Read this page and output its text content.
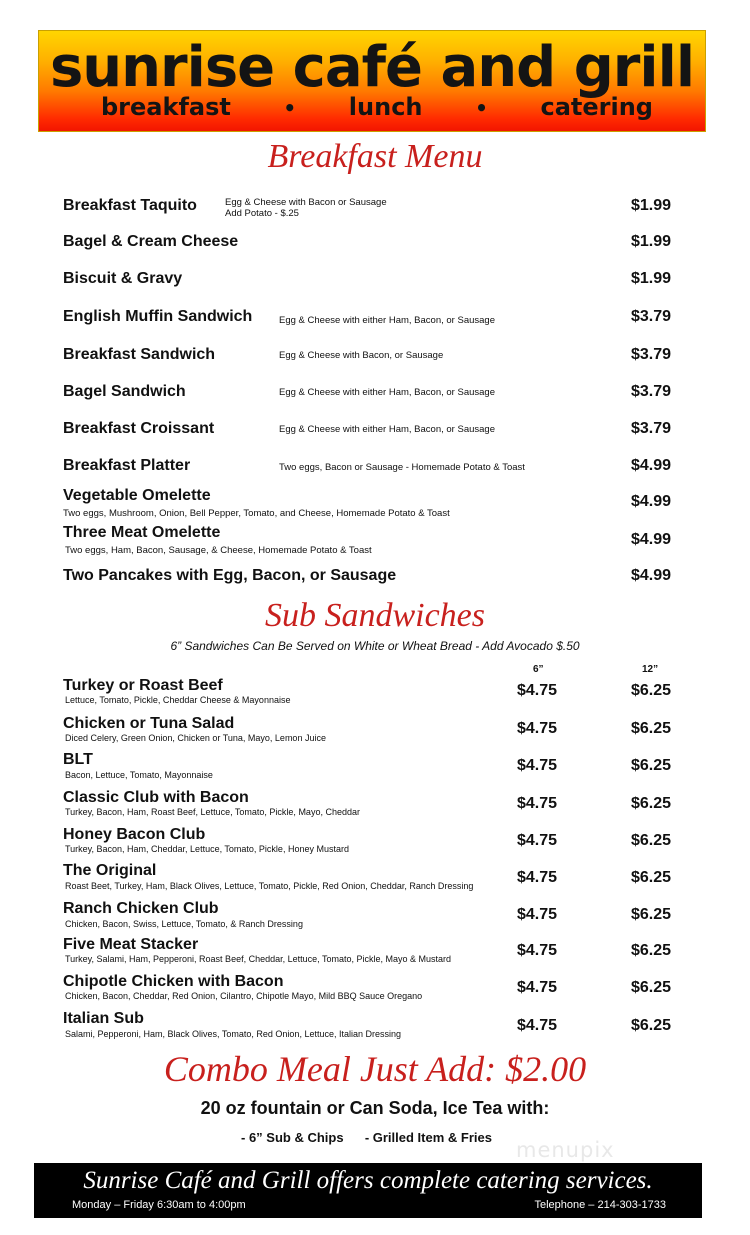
sunrise café and grill
breakfast	• lunch	• catering
Breakfast Menu
Breakfast Taquito	Egg & Cheese with Bacon or Sausage
Add Potato - $.25	$1.99
Bagel & Cream Cheese	$1.99
Biscuit & Gravy	$1.99
English Muffin Sandwich	Egg & Cheese with either Ham, Bacon, or Sausage	$3.79
Breakfast Sandwich	Egg & Cheese with Bacon, or Sausage	$3.79
Bagel Sandwich	Egg & Cheese with either Ham, Bacon, or Sausage	$3.79
Breakfast Croissant	Egg & Cheese with either Ham, Bacon, or Sausage	$3.79
Breakfast Platter	Two eggs, Bacon or Sausage - Homemade Potato & Toast	$4.99
Vegetable Omelette
Two eggs, Mushroom, Onion, Bell Pepper, Tomato, and Cheese, Homemade Potato & Toast
$4.99
Three Meat Omelette
Two eggs, Ham, Bacon, Sausage, & Cheese, Homemade Potato & Toast
$4.99
Two Pancakes with Egg, Bacon, or Sausage	$4.99
Sub Sandwiches
6” Sandwiches Can Be Served on White or Wheat Bread - Add Avocado $.50
6”	12”
Turkey or Roast Beef
Lettuce, Tomato, Pickle, Cheddar Cheese & Mayonnaise
$4.75	$6.25
Chicken or Tuna Salad
Diced Celery, Green Onion, Chicken or Tuna, Mayo, Lemon Juice
$4.75	$6.25
BLT
Bacon, Lettuce, Tomato, Mayonnaise
$4.75	$6.25
Classic Club with Bacon
Turkey, Bacon, Ham, Roast Beef, Lettuce, Tomato, Pickle, Mayo, Cheddar	$4.75	$6.25
Honey Bacon Club
Turkey, Bacon, Ham, Cheddar, Lettuce, Tomato, Pickle, Honey Mustard	$4.75	$6.25
The Original
Roast Beet, Turkey, Ham, Black Olives, Lettuce, Tomato, Pickle, Red Onion, Cheddar, Ranch Dressing	$4.75	$6.25
Ranch Chicken Club
Chicken, Bacon, Swiss, Lettuce, Tomato, & Ranch Dressing
$4.75	$6.25
Five Meat Stacker
Turkey, Salami, Ham, Pepperoni, Roast Beef, Cheddar, Lettuce, Tomato, Pickle, Mayo & Mustard	$4.75	$6.25
Chipotle Chicken with Bacon
Chicken, Bacon, Cheddar, Red Onion, Cilantro, Chipotle Mayo, Mild BBQ Sauce Oregano	$4.75	$6.25
Italian Sub
Salami, Pepperoni, Ham, Black Olives, Tomato, Red Onion, Lettuce, Italian Dressing	$4.75	$6.25
Combo Meal Just Add: $2.00
20 oz fountain or Can Soda, Ice Tea with:
- 6” Sub & Chips - Grilled Item & Fries
menupix
Sunrise Café and Grill offers complete catering services.
Monday – Friday 6:30am to 4:00pm	Telephone – 214-303-1733
